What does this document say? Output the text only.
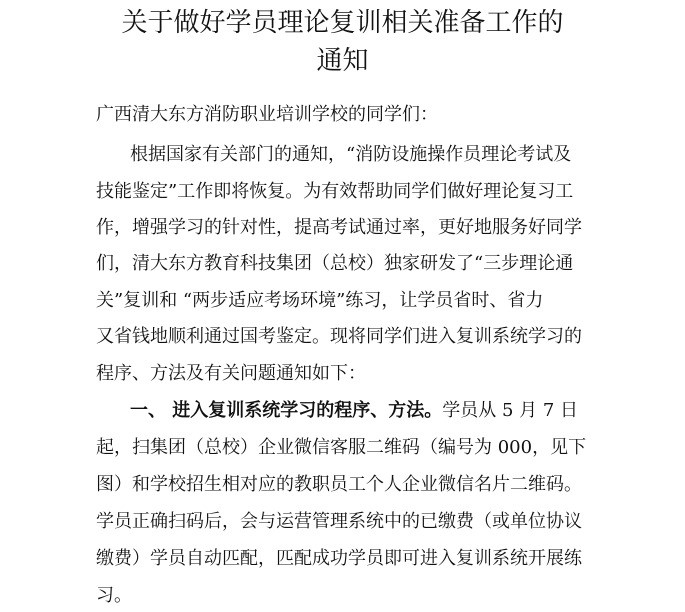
关于做好学员理论复训相关准备工作的
通知
广西清大东方消防职业培训学校的同学们：
根据国家有关部门的通知，“消防设施操作员理论考试及
技能鉴定”工作即将恢复。为有效帮助同学们做好理论复习工
作，增强学习的针对性，提高考试通过率，更好地服务好同学
们，清大东方教育科技集团（总校）独家研发了“三步理论通
关”复训和 “两步适应考场环境”练习，让学员省时、省力
又省钱地顺利通过国考鉴定。现将同学们进入复训系统学习的
程序、方法及有关问题通知如下：
一、 进入复训系统学习的程序、方法。学员从 5 月 7 日
起，扫集团（总校）企业微信客服二维码（编号为 000，见下
图）和学校招生相对应的教职员工个人企业微信名片二维码。
学员正确扫码后，会与运营管理系统中的已缴费（或单位协议
缴费）学员自动匹配，匹配成功学员即可进入复训系统开展练
习。
